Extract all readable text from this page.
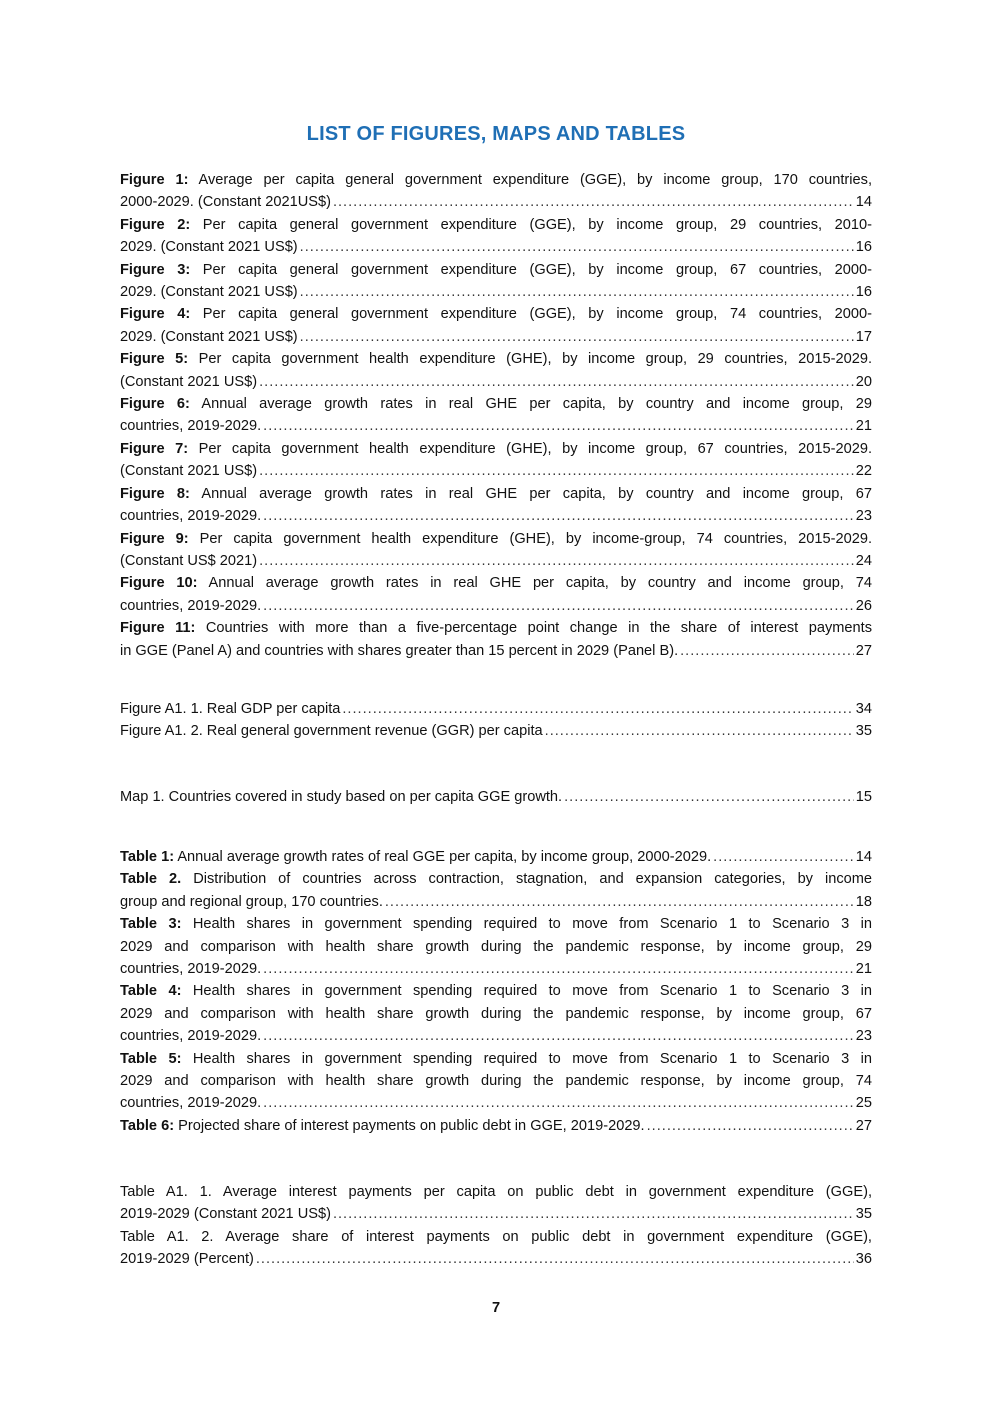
LIST OF FIGURES, MAPS AND TABLES
Figure 1: Average per capita general government expenditure (GGE), by income group, 170 countries,
2000-2029. (Constant 2021US$) .....	14
Figure 2: Per capita general government expenditure (GGE), by income group, 29 countries, 2010-
2029. (Constant 2021 US$) .....	16
Figure 3: Per capita general government expenditure (GGE), by income group, 67 countries, 2000-
2029. (Constant 2021 US$) .....	16
Figure 4: Per capita general government expenditure (GGE), by income group, 74 countries, 2000-
2029. (Constant 2021 US$) .....	17
Figure 5: Per capita government health expenditure (GHE), by income group, 29 countries, 2015-2029.
(Constant 2021 US$) .....	20
Figure 6: Annual average growth rates in real GHE per capita, by country and income group, 29
countries, 2019-2029. .....	21
Figure 7: Per capita government health expenditure (GHE), by income group, 67 countries, 2015-2029.
(Constant 2021 US$) .....	22
Figure 8: Annual average growth rates in real GHE per capita, by country and income group, 67
countries, 2019-2029. .....	23
Figure 9: Per capita government health expenditure (GHE), by income-group, 74 countries, 2015-2029.
(Constant US$ 2021) .....	24
Figure 10: Annual average growth rates in real GHE per capita, by country and income group, 74
countries, 2019-2029. .....	26
Figure 11: Countries with more than a five-percentage point change in the share of interest payments
in GGE (Panel A) and countries with shares greater than 15 percent in 2029 (Panel B). .....	27
Figure A1. 1. Real GDP per capita .....	34
Figure A1. 2. Real general government revenue (GGR) per capita .....	35
Map 1. Countries covered in study based on per capita GGE growth. .....	15
Table 1: Annual average growth rates of real GGE per capita, by income group, 2000-2029. .....	14
Table 2. Distribution of countries across contraction, stagnation, and expansion categories, by income
group and regional group, 170 countries. .....	18
Table 3: Health shares in government spending required to move from Scenario 1 to Scenario 3 in
2029 and comparison with health share growth during the pandemic response, by income group, 29
countries, 2019-2029. .....	21
Table 4: Health shares in government spending required to move from Scenario 1 to Scenario 3 in
2029 and comparison with health share growth during the pandemic response, by income group, 67
countries, 2019-2029. .....	23
Table 5: Health shares in government spending required to move from Scenario 1 to Scenario 3 in
2029 and comparison with health share growth during the pandemic response, by income group, 74
countries, 2019-2029. .....	25
Table 6: Projected share of interest payments on public debt in GGE, 2019-2029. .....	27
Table A1. 1. Average interest payments per capita on public debt in government expenditure (GGE),
2019-2029 (Constant 2021 US$) .....	35
Table A1. 2. Average share of interest payments on public debt in government expenditure (GGE),
2019-2029 (Percent) .....	36
7
